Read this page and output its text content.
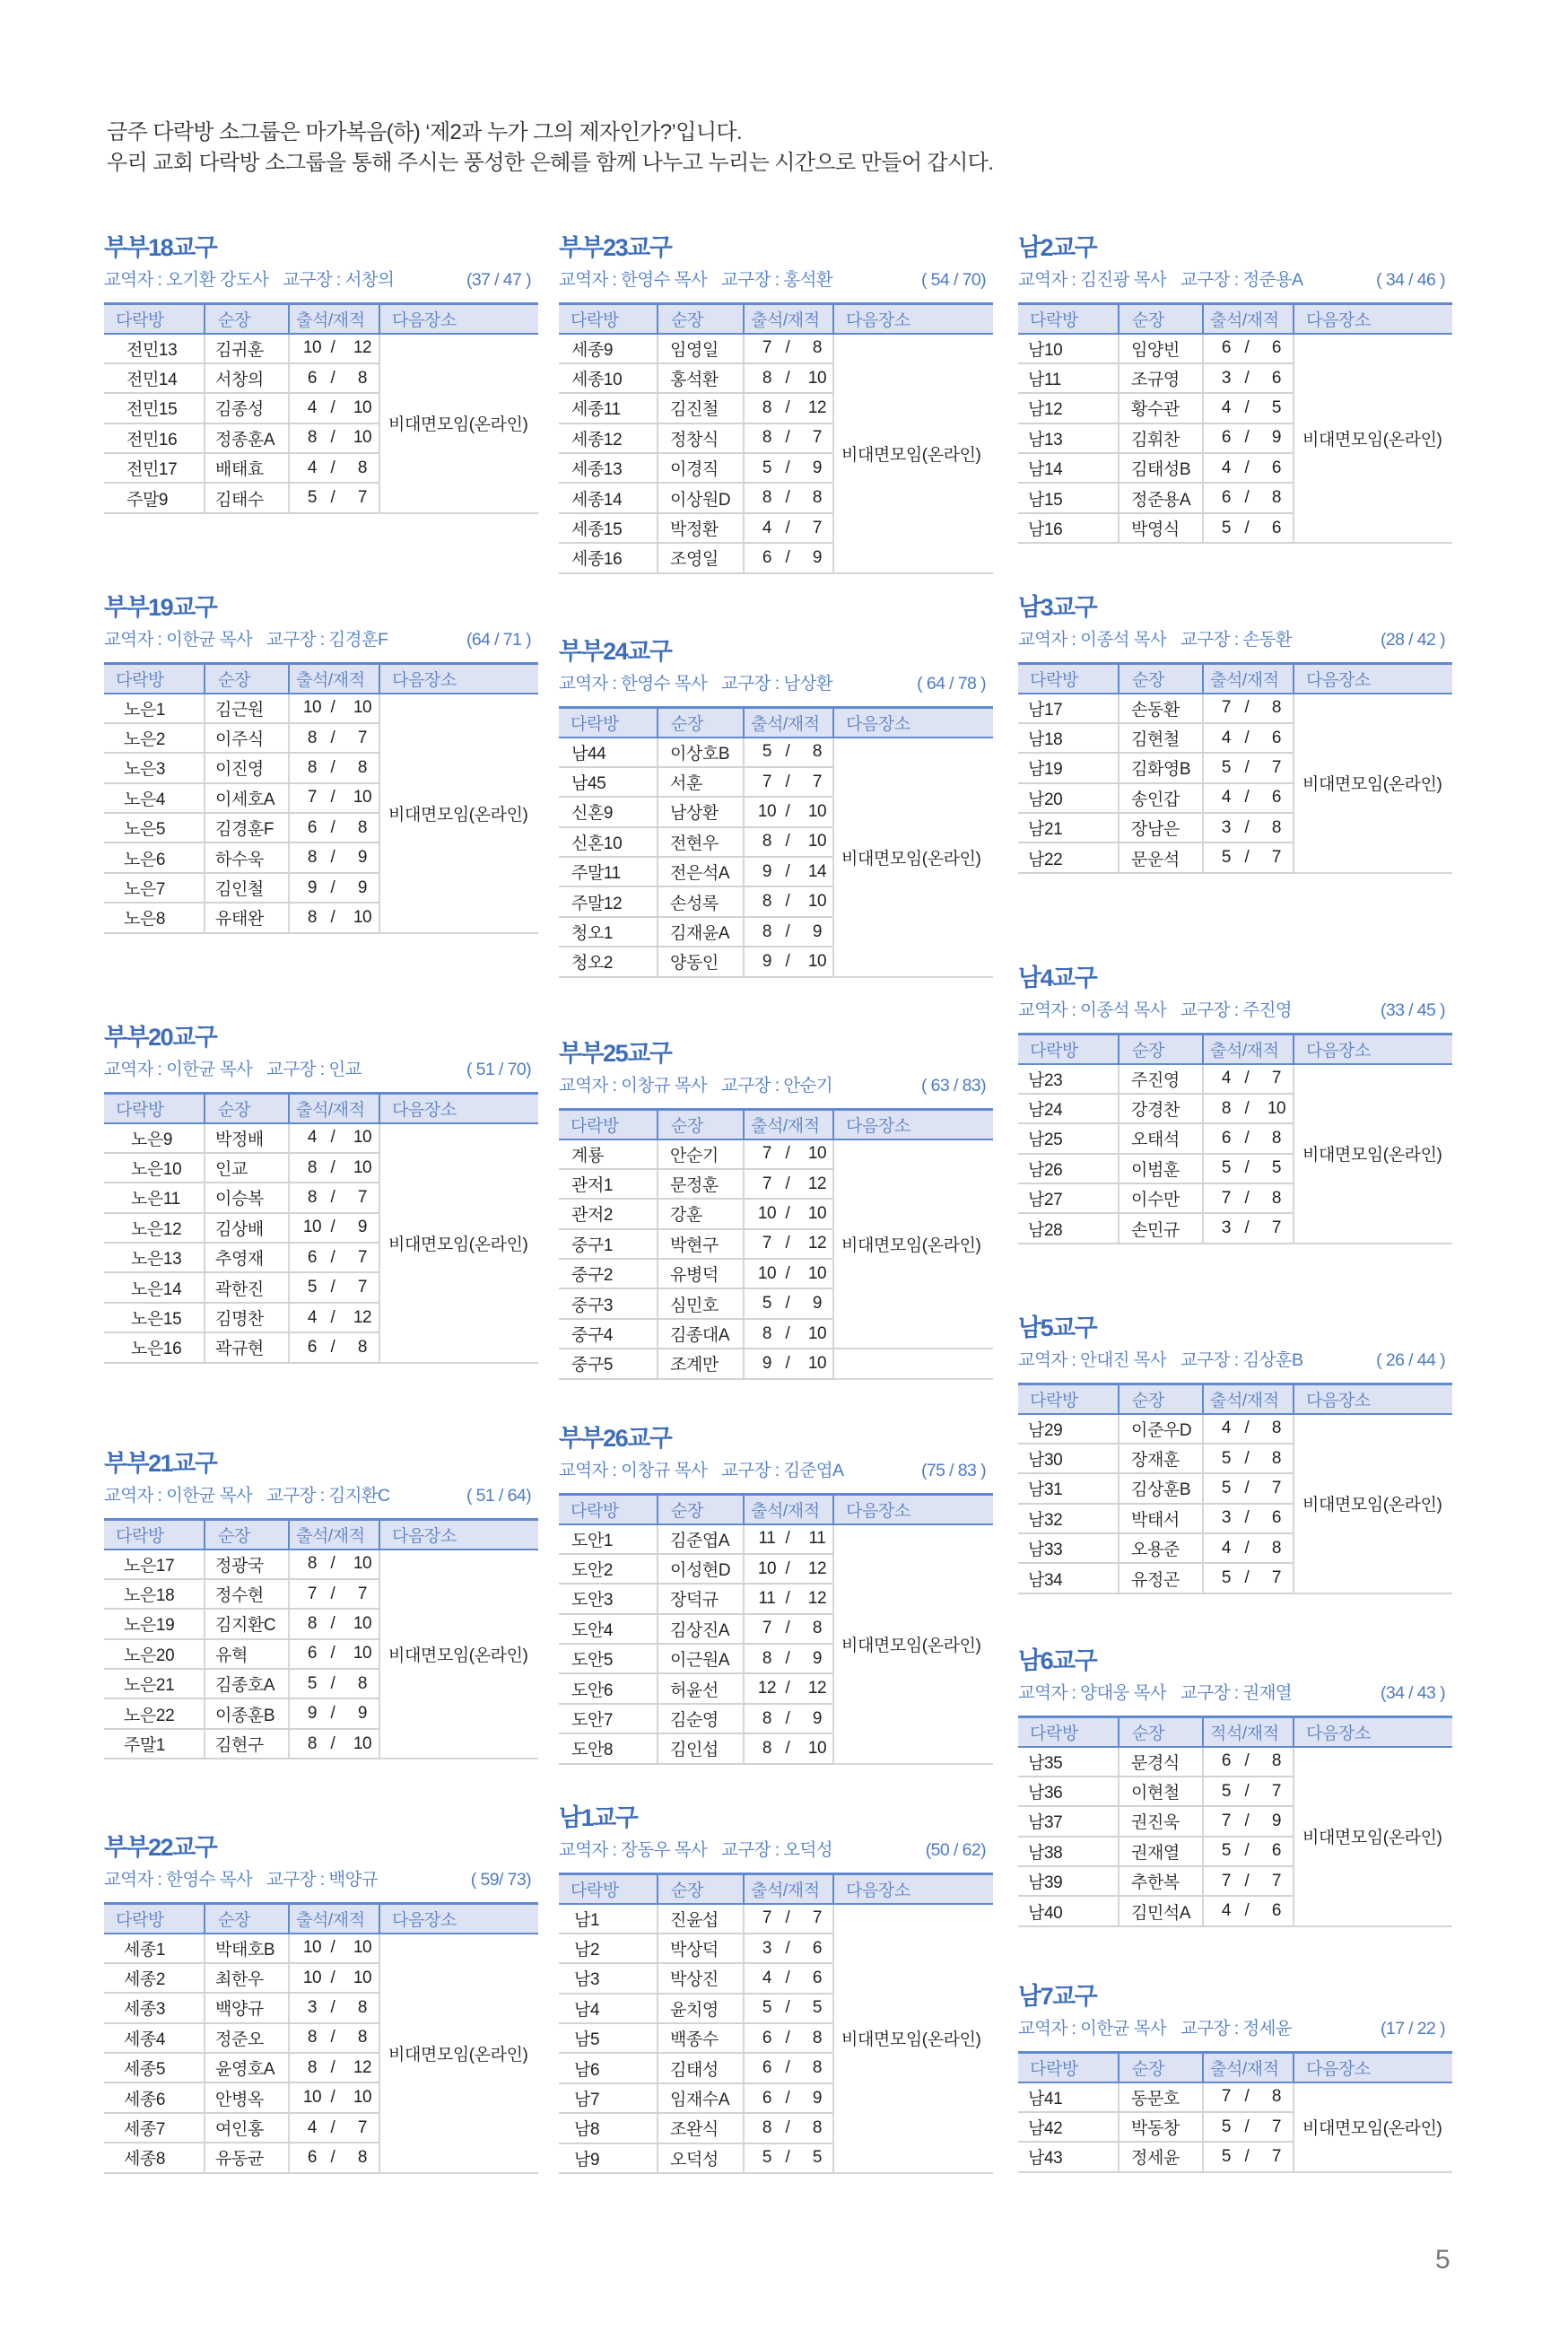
금주 다락방 소그룹은 마가복음(하) ‘제2과 누가 그의 제자인가?’입니다.

우리 교회 다락방 소그룹을 통해 주시는 풍성한 은혜를 함께 나누고 누리는 시간으로 만들어 갑시다.

부부18교구
교역자 : 오기환 강도사 교구장 : 서창의	(37 / 47 )
다락방	순장	출석/재적	다음장소
전민13	김귀훈	10 / 12	비대면모임(온라인)
전민14	서창의	6 / 8	

전민15	김종성	4 / 10	

전민16	정종훈A	8 / 10	

전민17	배태효	4 / 8	

주말9	김태수	5 / 7	
부부19교구
교역자 : 이한균 목사 교구장 : 김경훈F	(64 / 71 )
다락방	순장	출석/재적	다음장소
노은1	김근원	10 / 10	비대면모임(온라인)
노은2	이주식	8 / 7	

노은3	이진영	8 / 8	

노은4	이세호A	7 / 10	

노은5	김경훈F	6 / 8	

노은6	하수욱	8 / 9	

노은7	김인철	9 / 9	

노은8	유태완	8 / 10	
부부20교구
교역자 : 이한균 목사 교구장 : 인교	( 51 / 70)
다락방	순장	출석/재적	다음장소
노은9	박정배	4 / 10	비대면모임(온라인)
노은10	인교	8 / 10	

노은11	이승복	8 / 7	

노은12	김상배	10 / 9	

노은13	추영재	6 / 7	

노은14	곽한진	5 / 7	

노은15	김명찬	4 / 12	

노은16	곽규현	6 / 8	
부부21교구
교역자 : 이한균 목사 교구장 : 김지환C	( 51 / 64)
다락방	순장	출석/재적	다음장소
노은17	정광국	8 / 10	비대면모임(온라인)
노은18	정수현	7 / 7	

노은19	김지환C	8 / 10	

노은20	유혁	6 / 10	

노은21	김종호A	5 / 8	

노은22	이종훈B	9 / 9	

주말1	김현구	8 / 10	
부부22교구
교역자 : 한영수 목사 교구장 : 백양규	( 59/ 73)
다락방	순장	출석/재적	다음장소
세종1	박태호B	10 / 10	비대면모임(온라인)
세종2	최한우	10 / 10	

세종3	백양규	3 / 8	

세종4	정준오	8 / 8	

세종5	윤영호A	8 / 12	

세종6	안병옥	10 / 10	

세종7	여인홍	4 / 7	

세종8	유동균	6 / 8	
부부23교구
교역자 : 한영수 목사 교구장 : 홍석환	( 54 / 70)
다락방	순장	출석/재적	다음장소
세종9	임영일	7 / 8	비대면모임(온라인)
세종10	홍석환	8 / 10	

세종11	김진철	8 / 12	

세종12	정창식	8 / 7	

세종13	이경직	5 / 9	

세종14	이상원D	8 / 8	

세종15	박정환	4 / 7	

세종16	조영일	6 / 9	
부부24교구
교역자 : 한영수 목사 교구장 : 남상환	( 64 / 78 )
다락방	순장	출석/재적	다음장소
남44	이상호B	5 / 8	비대면모임(온라인)
남45	서훈	7 / 7	

신혼9	남상환	10 / 10	

신혼10	전현우	8 / 10	

주말11	전은석A	9 / 14	

주말12	손성록	8 / 10	

청오1	김재윤A	8 / 9	

청오2	양동인	9 / 10	
부부25교구
교역자 : 이창규 목사 교구장 : 안순기	( 63 / 83)
다락방	순장	출석/재적	다음장소
계룡	안순기	7 / 10	비대면모임(온라인)
관저1	문정훈	7 / 12	

관저2	강훈	10 / 10	

중구1	박현구	7 / 12	

중구2	유병덕	10 / 10	

중구3	심민호	5 / 9	

중구4	김종대A	8 / 10	

중구5	조계만	9 / 10	

부부26교구
교역자 : 이창규 목사 교구장 : 김준엽A	(75 / 83 )
다락방	순장	출석/재적	다음장소
도안1	김준엽A	11 / 11	비대면모임(온라인)
도안2	이성현D	10 / 12	

도안3	장덕규	11 / 12	

도안4	김상진A	7 / 8	

도안5	이근원A	8 / 9	

도안6	허윤선	12 / 12	

도안7	김순영	8 / 9	

도안8	김인섭	8 / 10	
남1교구
교역자 : 장동우 목사 교구장 : 오덕성	(50 / 62)
다락방	순장	출석/재적	다음장소
남1	진윤섭	7 / 7	비대면모임(온라인)
남2	박상덕	3 / 6	

남3	박상진	4 / 6	

남4	윤치영	5 / 5	

남5	백종수	6 / 8	

남6	김태성	6 / 8	

남7	임재수A	6 / 9	

남8	조완식	8 / 8	

남9	오덕성	5 / 5	
남2교구
교역자 : 김진광 목사 교구장 : 정준용A	( 34 / 46 )
다락방	순장	출석/재적	다음장소
남10	임양빈	6 / 6	비대면모임(온라인)
남11	조규영	3 / 6	

남12	황수관	4 / 5	

남13	김휘찬	6 / 9	

남14	김태성B	4 / 6	

남15	정준용A	6 / 8	

남16	박영식	5 / 6	
남3교구
교역자 : 이종석 목사 교구장 : 손동환	(28 / 42 )
다락방	순장	출석/재적	다음장소
남17	손동환	7 / 8	비대면모임(온라인)
남18	김현철	4 / 6	

남19	김화영B	5 / 7	

남20	송인갑	4 / 6	

남21	장남은	3 / 8	

남22	문운석	5 / 7	
남4교구
교역자 : 이종석 목사 교구장 : 주진영	(33 / 45 )
다락방	순장	출석/재적	다음장소
남23	주진영	4 / 7	비대면모임(온라인)
남24	강경찬	8 / 10	

남25	오태석	6 / 8	

남26	이범훈	5 / 5	

남27	이수만	7 / 8	

남28	손민규	3 / 7	
남5교구
교역자 : 안대진 목사 교구장 : 김상훈B	( 26 / 44 )
다락방	순장	출석/재적	다음장소
남29	이준우D	4 / 8	비대면모임(온라인)
남30	장재훈	5 / 8	

남31	김상훈B	5 / 7	

남32	박태서	3 / 6	

남33	오용준	4 / 8	

남34	유정곤	5 / 7	
남6교구
교역자 : 양대웅 목사 교구장 : 권재열	(34 / 43 )
다락방	순장	적석/재적	다음장소
남35	문경식	6 / 8	비대면모임(온라인)
남36	이현철	5 / 7	

남37	권진욱	7 / 9	

남38	권재열	5 / 6	

남39	추한복	7 / 7	

남40	김민석A	4 / 6	
남7교구
교역자 : 이한균 목사 교구장 : 정세윤	(17 / 22 )
다락방	순장	출석/재적	다음장소
남41	동문호	7 / 8	비대면모임(온라인)
남42	박동창	5 / 7	

남43	정세윤	5 / 7	
5
